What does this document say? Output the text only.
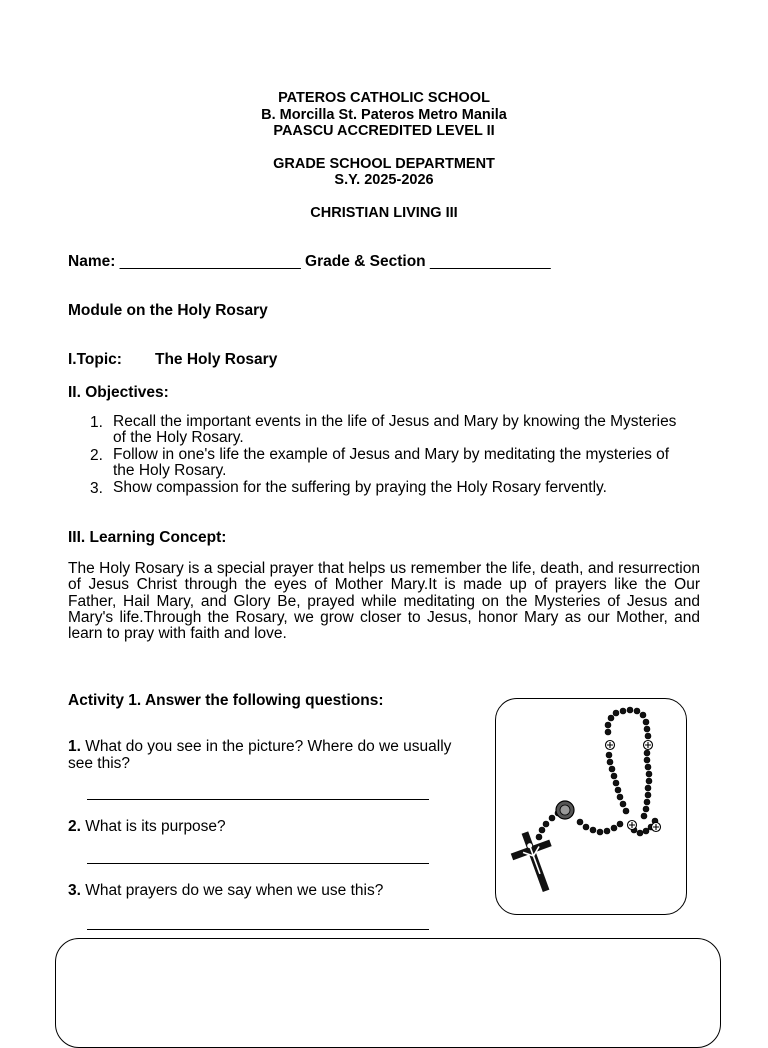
PATEROS CATHOLIC SCHOOL
B. Morcilla St. Pateros Metro Manila
PAASCU ACCREDITED LEVEL II
GRADE SCHOOL DEPARTMENT
S.Y. 2025-2026
CHRISTIAN LIVING III
Name: _____________________ Grade & Section ______________
Module on the Holy Rosary
I.Topic: The Holy Rosary
II. Objectives:
1. Recall the important events in the life of Jesus and Mary by knowing the Mysteries of the Holy Rosary.
2. Follow in one's life the example of Jesus and Mary by meditating the mysteries of the Holy Rosary.
3. Show compassion for the suffering by praying the Holy Rosary fervently.
III. Learning Concept:
The Holy Rosary is a special prayer that helps us remember the life, death, and resurrection of Jesus Christ through the eyes of Mother Mary.It is made up of prayers like the Our Father, Hail Mary, and Glory Be, prayed while meditating on the Mysteries of Jesus and Mary's life.Through the Rosary, we grow closer to Jesus, honor Mary as our Mother, and learn to pray with faith and love.
Activity 1. Answer the following questions:
1. What do you see in the picture? Where do we usually see this?
2. What is its purpose?
3. What prayers do we say when we use this?
